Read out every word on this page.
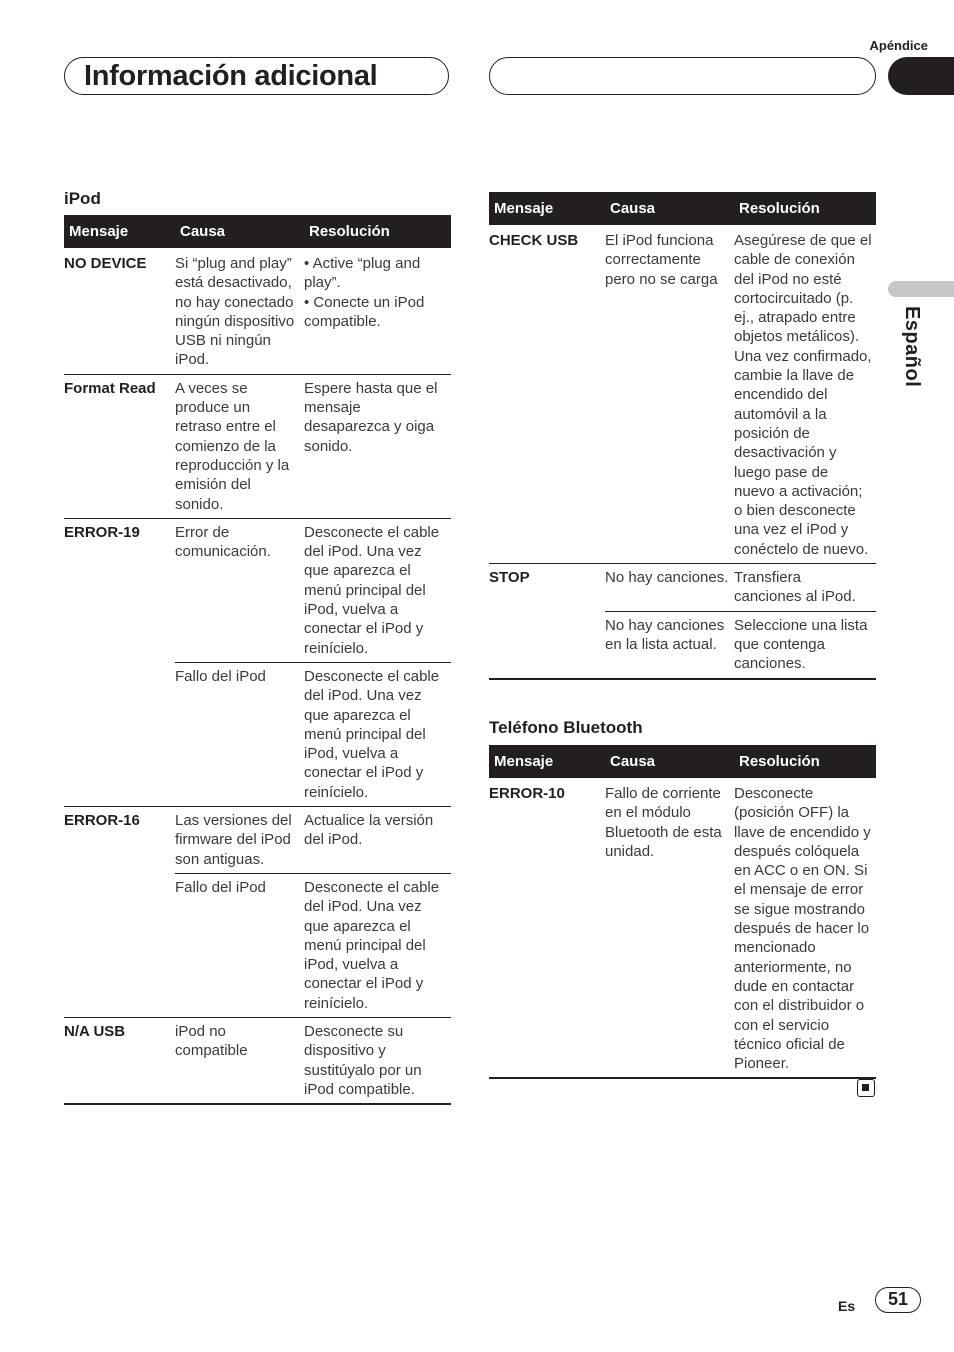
Apéndice
Información adicional
Español
iPod
Mensaje	Causa	Resolución
NO DEVICE	Si “plug and play” está desactivado, no hay conectado ningún dispositivo USB ni ningún iPod.	• Active “plug and play”.
• Conecte un iPod compatible.
Format Read	A veces se produce un retraso entre el comienzo de la reproducción y la emisión del sonido.	Espere hasta que el mensaje desaparezca y oiga sonido.
ERROR-19	Error de comunicación.	Desconecte el cable del iPod. Una vez que aparezca el menú principal del iPod, vuelva a conectar el iPod y reinícielo.
	Fallo del iPod	Desconecte el cable del iPod. Una vez que aparezca el menú principal del iPod, vuelva a conectar el iPod y reinícielo.
ERROR-16	Las versiones del firmware del iPod son antiguas.	Actualice la versión del iPod.
	Fallo del iPod	Desconecte el cable del iPod. Una vez que aparezca el menú principal del iPod, vuelva a conectar el iPod y reinícielo.
N/A USB	iPod no compatible	Desconecte su dispositivo y sustitúyalo por un iPod compatible.

Mensaje	Causa	Resolución
CHECK USB	El iPod funciona correctamente pero no se carga	Asegúrese de que el cable de conexión del iPod no esté cortocircuitado (p. ej., atrapado entre objetos metálicos). Una vez confirmado, cambie la llave de encendido del automóvil a la posición de desactivación y luego pase de nuevo a activación; o bien desconecte una vez el iPod y conéctelo de nuevo.
STOP	No hay canciones.	Transfiera canciones al iPod.
	No hay canciones en la lista actual.	Seleccione una lista que contenga canciones.

Teléfono Bluetooth
Mensaje	Causa	Resolución
ERROR-10	Fallo de corriente en el módulo Bluetooth de esta unidad.	Desconecte (posición OFF) la llave de encendido y después colóquela en ACC o en ON. Si el mensaje de error se sigue mostrando después de hacer lo mencionado anteriormente, no dude en contactar con el distribuidor o con el servicio técnico oficial de Pioneer.

Es	51
